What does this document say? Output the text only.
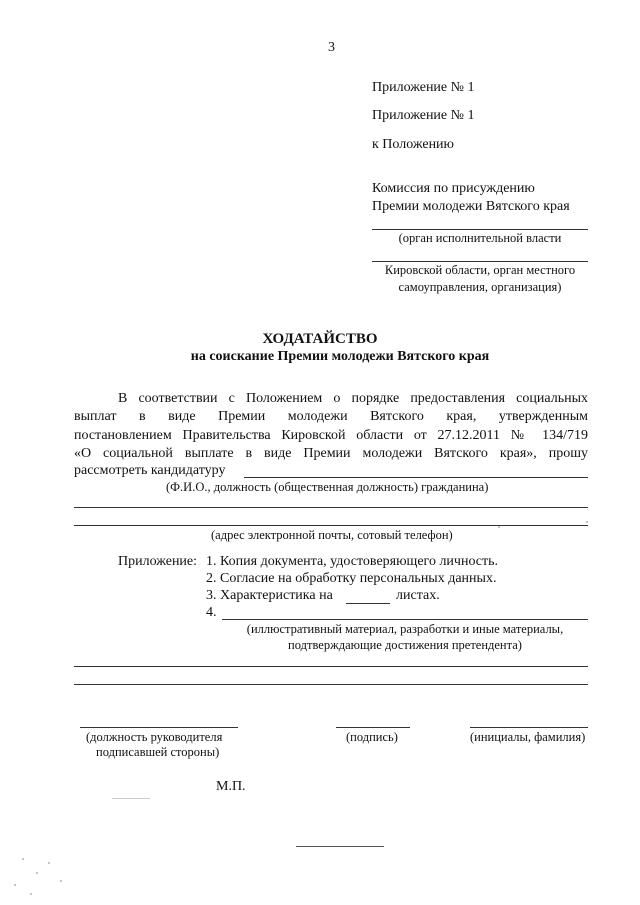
3
Приложение № 1
Приложение № 1
к Положению
Комиссия по присуждению
Премии молодежи Вятского края
(орган исполнительной власти
Кировской области, орган местного
самоуправления, организация)
ХОДАТАЙСТВО
на соискание Премии молодежи Вятского края
В соответствии с Положением о порядке предоставления социальных
выплат в виде Премии молодежи Вятского края, утвержденным
постановлением Правительства Кировской области от 27.12.2011 № 134/719
«О социальной выплате в виде Премии молодежи Вятского края», прошу
рассмотреть кандидатуру
(Ф.И.О., должность (общественная должность) гражданина)
(адрес электронной почты, сотовый телефон)
Приложение: 1. Копия документа, удостоверяющего личность.
2. Согласие на обработку персональных данных.
3. Характеристика на	листах.
4.
(иллюстративный материал, разработки и иные материалы,
подтверждающие достижения претендента)
(должность руководителя
подписавшей стороны)
(подпись)	(инициалы, фамилия)
М.П.
